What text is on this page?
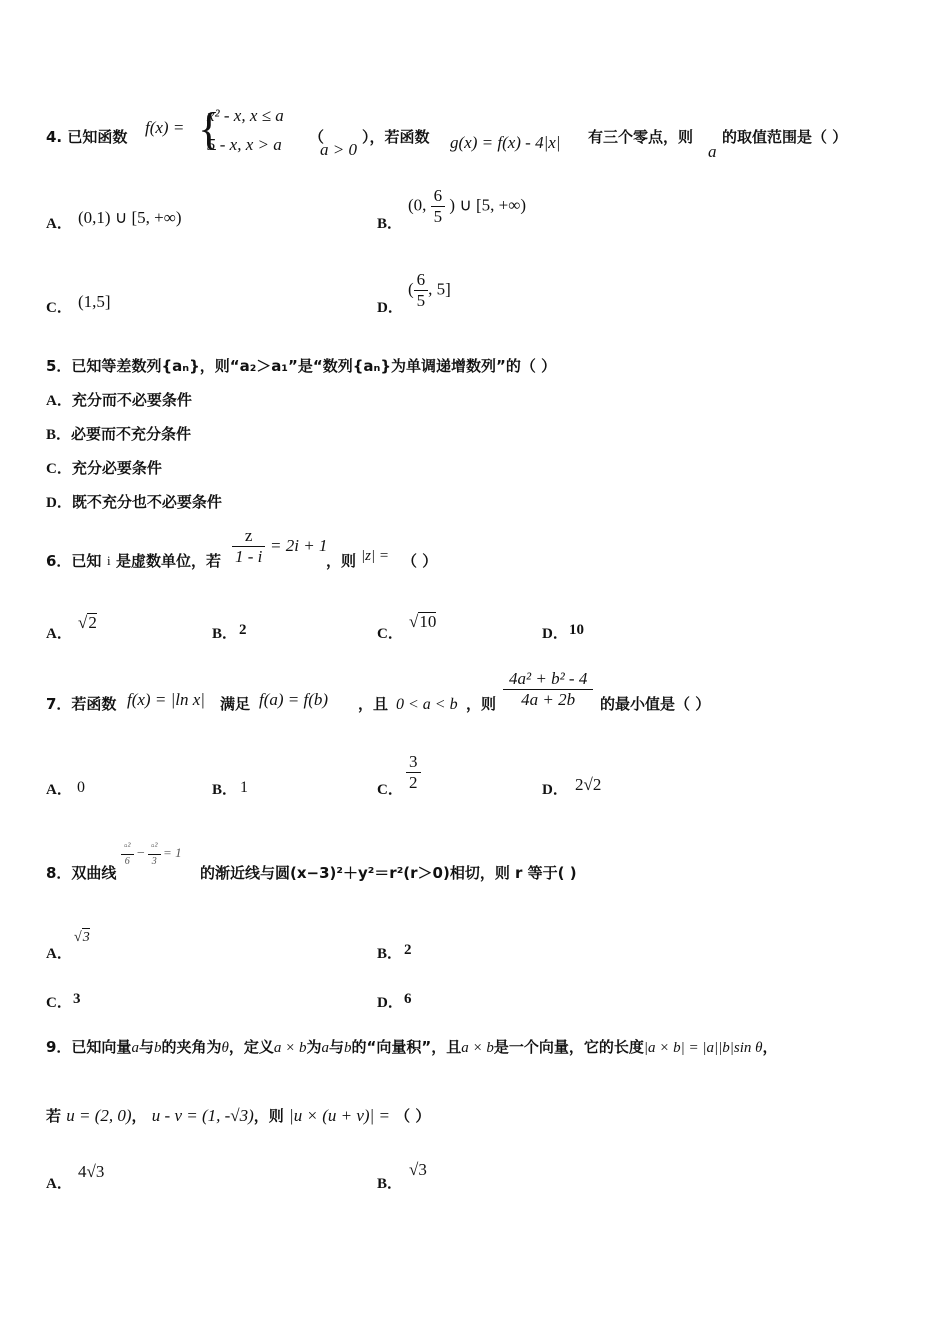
4. 已知函数 f(x) = {
x² - x, x ≤ a
5 - x, x > a （
a > 0
），若函数 g(x) = f(x) - 4|x| 有三个零点，则
a
的取值范围是（ ）
A． (0,1) ∪ [5, +∞)	B．
(0, $\frac{6}{5}$ ) ∪ [5, +∞)
C． (1,5]	D．
( $\frac{6}{5}$ , 5]
5．已知等差数列{aₙ}，则“a₂＞a₁”是“数列{aₙ}为单调递增数列”的（ ）
A．充分而不必要条件
B．必要而不充分条件
C．充分必要条件
D．既不充分也不必要条件
6．已知 i 是虚数单位，若 $\frac{z}{1 - i} = 2i + 1$
，则 |z| = （ ）
A．
√2
B． 2	C．
√10
D． 10
7．若函数 f(x) = |ln x| 满足 f(a) = f(b) ，且 0 < a < b ，则 $\frac{\text{4a² + b² - 4}}{4a + 2b}$ 的最小值是（ ）
A． 0	B． 1	C． $\frac{3}{2}$	D． 2√2
8．双曲线
$\frac{\text{▫²}}{6} - \frac{\text{▫²}}{3} = 1$
的渐近线与圆(x−3)²＋y²＝r²(r＞0)相切，则 r 等于( )
A．
√3
B． 2
C． 3	D． 6
9．已知向量a与b的夹角为θ，定义a × b为a与b的“向量积”，且a × b是一个向量，它的长度|a × b| = |a||b|sin θ，
若 u = (2, 0)， u - v = (1, -√3)，则 |u × (u + v)| = （ ）
A．
4√3
B．
√3
